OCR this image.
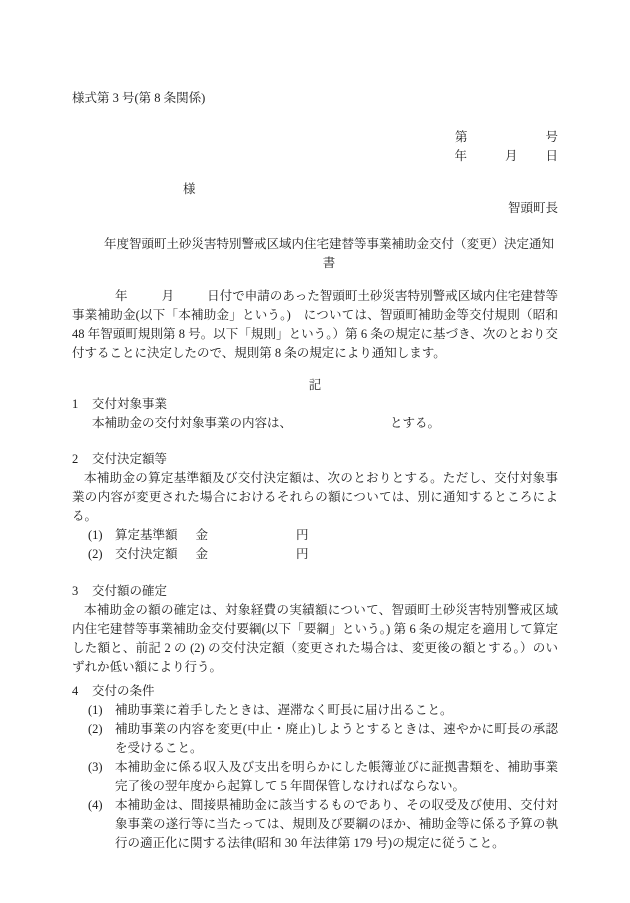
様式第 3 号(第 8 条関係)
第	号
年	月 日
様
智頭町長
年度智頭町土砂災害特別警戒区域内住宅建替等事業補助金交付（変更）決定通知書

年	月	日付で申請のあった智頭町土砂災害特別警戒区域内住宅建替等事業補助金(以下「本補助金」という。)　については、智頭町補助金等交付規則（昭和 48 年智頭町規則第 8 号。以下「規則」という。）第 6 条の規定に基づき、次のとおり交付することに決定したので、規則第 8 条の規定により通知します。

記
1 交付対象事業
本補助金の交付対象事業の内容は、	とする。
2 交付決定額等

本補助金の算定基準額及び交付決定額は、次のとおりとする。ただし、交付対象事業の内容が変更された場合におけるそれらの額については、別に通知するところによる。

(1) 算定基準額 金	円
(2) 交付決定額 金	円
3 交付額の確定

本補助金の額の確定は、対象経費の実績額について、智頭町土砂災害特別警戒区域内住宅建替等事業補助金交付要綱(以下「要綱」という。) 第 6 条の規定を適用して算定した額と、前記 2 の (2) の交付決定額（変更された場合は、変更後の額とする。）のいずれか低い額により行う。

4 交付の条件
(1) 補助事業に着手したときは、遅滞なく町長に届け出ること。
(2) 補助事業の内容を変更(中止・廃止)しようとするときは、速やかに町長の承認を受けること。
(3) 本補助金に係る収入及び支出を明らかにした帳簿並びに証拠書類を、補助事業完了後の翌年度から起算して 5 年間保管しなければならない。
(4) 本補助金は、間接県補助金に該当するものであり、その収受及び使用、交付対象事業の遂行等に当たっては、規則及び要綱のほか、補助金等に係る予算の執行の適正化に関する法律(昭和 30 年法律第 179 号)の規定に従うこと。
